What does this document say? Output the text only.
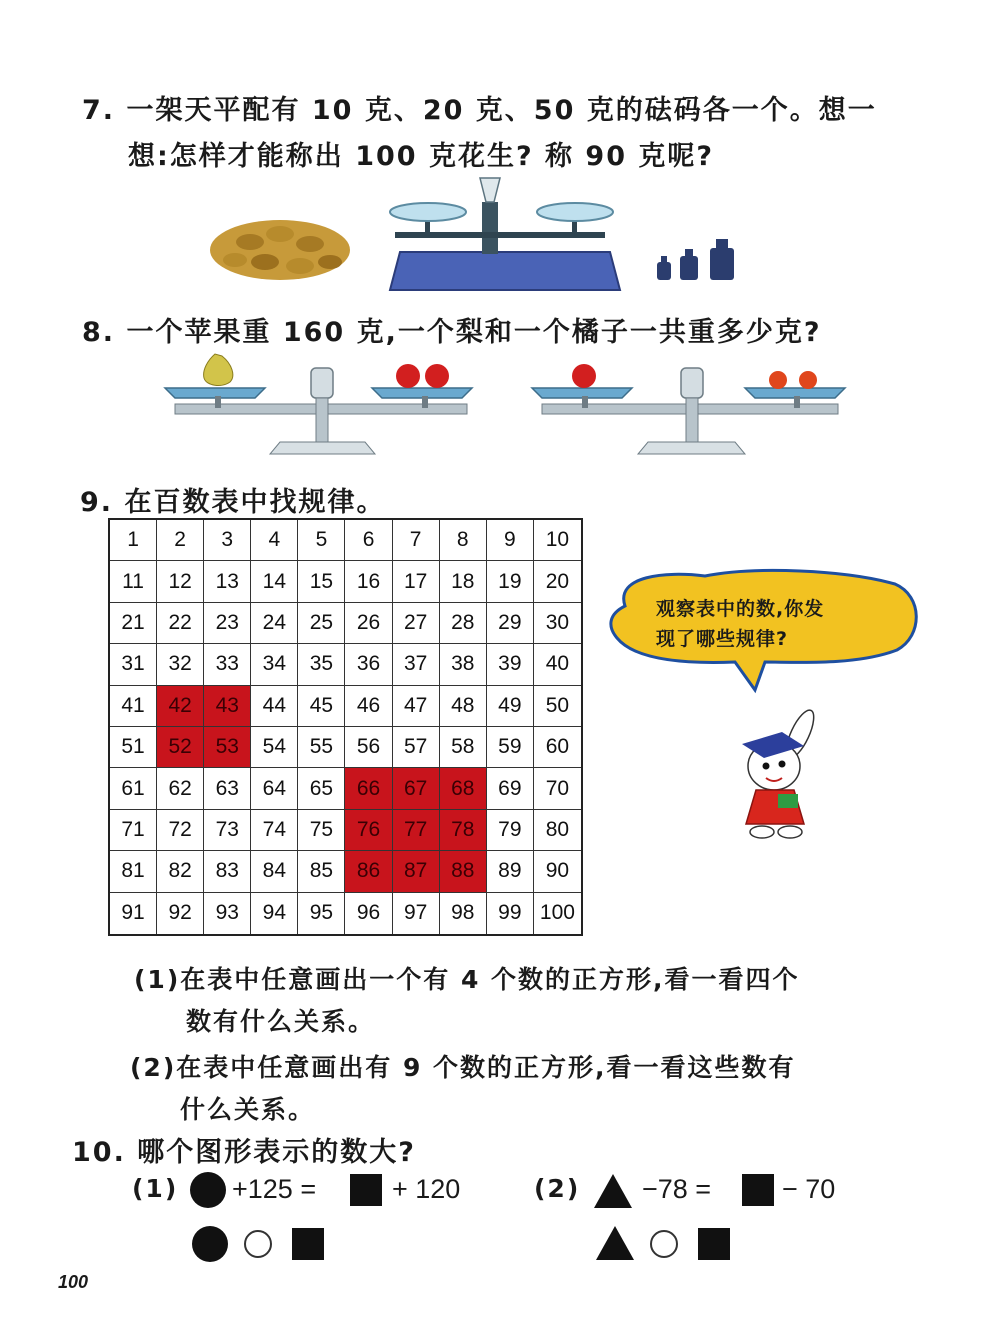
7. 一架天平配有 10 克、20 克、50 克的砝码各一个。想一
想:怎样才能称出 100 克花生? 称 90 克呢?
8. 一个苹果重 160 克,一个梨和一个橘子一共重多少克?
9. 在百数表中找规律。
1	2	3	4	5	6	7	8	9	10
11	12	13	14	15	16	17	18	19	20
21	22	23	24	25	26	27	28	29	30
31	32	33	34	35	36	37	38	39	40
41	42	43	44	45	46	47	48	49	50
51	52	53	54	55	56	57	58	59	60
61	62	63	64	65	66	67	68	69	70
71	72	73	74	75	76	77	78	79	80
81	82	83	84	85	86	87	88	89	90
91	92	93	94	95	96	97	98	99 100
观察表中的数,你发
现了哪些规律?
(1)在表中任意画出一个有 4 个数的正方形,看一看四个
数有什么关系。
(2)在表中任意画出有 9 个数的正方形,看一看这些数有
什么关系。
10. 哪个图形表示的数大?
(1) +125 =	+ 120	(2) −78 =	− 70
100
